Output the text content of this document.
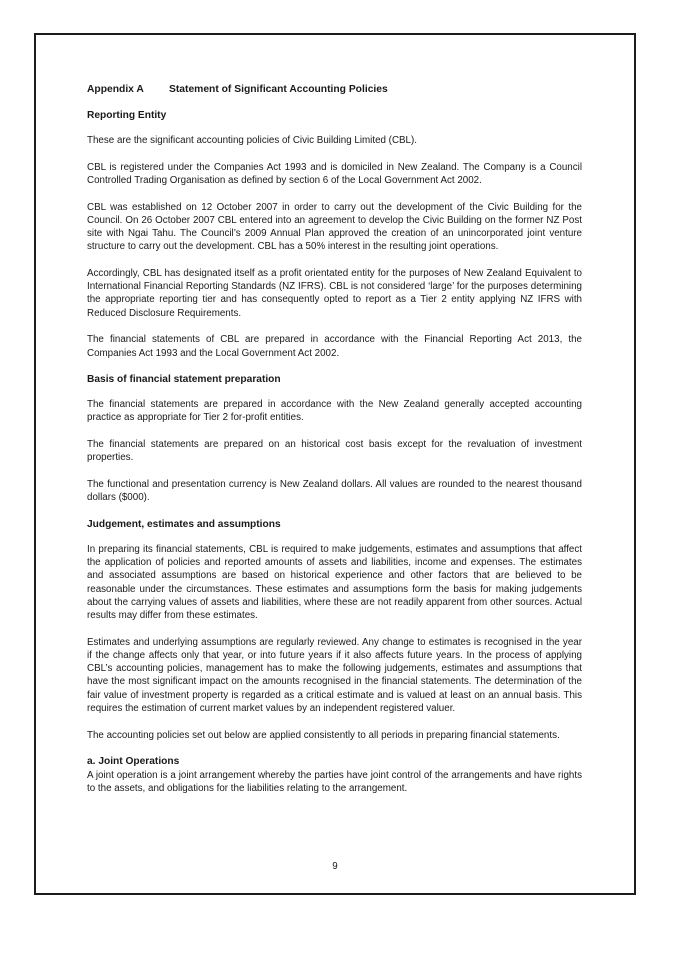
Appendix A Statement of Significant Accounting Policies
Reporting Entity

These are the significant accounting policies of Civic Building Limited (CBL).

CBL is registered under the Companies Act 1993 and is domiciled in New Zealand. The Company is a Council Controlled Trading Organisation as defined by section 6 of the Local Government Act 2002.

CBL was established on 12 October 2007 in order to carry out the development of the Civic Building for the Council. On 26 October 2007 CBL entered into an agreement to develop the Civic Building on the former NZ Post site with Ngai Tahu. The Council’s 2009 Annual Plan approved the creation of an unincorporated joint venture structure to carry out the development. CBL has a 50% interest in the resulting joint operations.

Accordingly, CBL has designated itself as a profit orientated entity for the purposes of New Zealand Equivalent to International Financial Reporting Standards (NZ IFRS). CBL is not considered ‘large’ for the purposes determining the appropriate reporting tier and has consequently opted to report as a Tier 2 entity applying NZ IFRS with Reduced Disclosure Requirements.

The financial statements of CBL are prepared in accordance with the Financial Reporting Act 2013, the Companies Act 1993 and the Local Government Act 2002.

Basis of financial statement preparation

The financial statements are prepared in accordance with the New Zealand generally accepted accounting practice as appropriate for Tier 2 for-profit entities.

The financial statements are prepared on an historical cost basis except for the revaluation of investment properties.

The functional and presentation currency is New Zealand dollars. All values are rounded to the nearest thousand dollars ($000).

Judgement, estimates and assumptions

In preparing its financial statements, CBL is required to make judgements, estimates and assumptions that affect the application of policies and reported amounts of assets and liabilities, income and expenses. The estimates and associated assumptions are based on historical experience and other factors that are believed to be reasonable under the circumstances. These estimates and assumptions form the basis for making judgements about the carrying values of assets and liabilities, where these are not readily apparent from other sources. Actual results may differ from these estimates.

Estimates and underlying assumptions are regularly reviewed. Any change to estimates is recognised in the year if the change affects only that year, or into future years if it also affects future years. In the process of applying CBL’s accounting policies, management has to make the following judgements, estimates and assumptions that have the most significant impact on the amounts recognised in the financial statements. The determination of the fair value of investment property is regarded as a critical estimate and is valued at least on an annual basis. This requires the estimation of current market values by an independent registered valuer.

The accounting policies set out below are applied consistently to all periods in preparing financial statements.

a. Joint Operations

A joint operation is a joint arrangement whereby the parties have joint control of the arrangements and have rights to the assets, and obligations for the liabilities relating to the arrangement.

9
